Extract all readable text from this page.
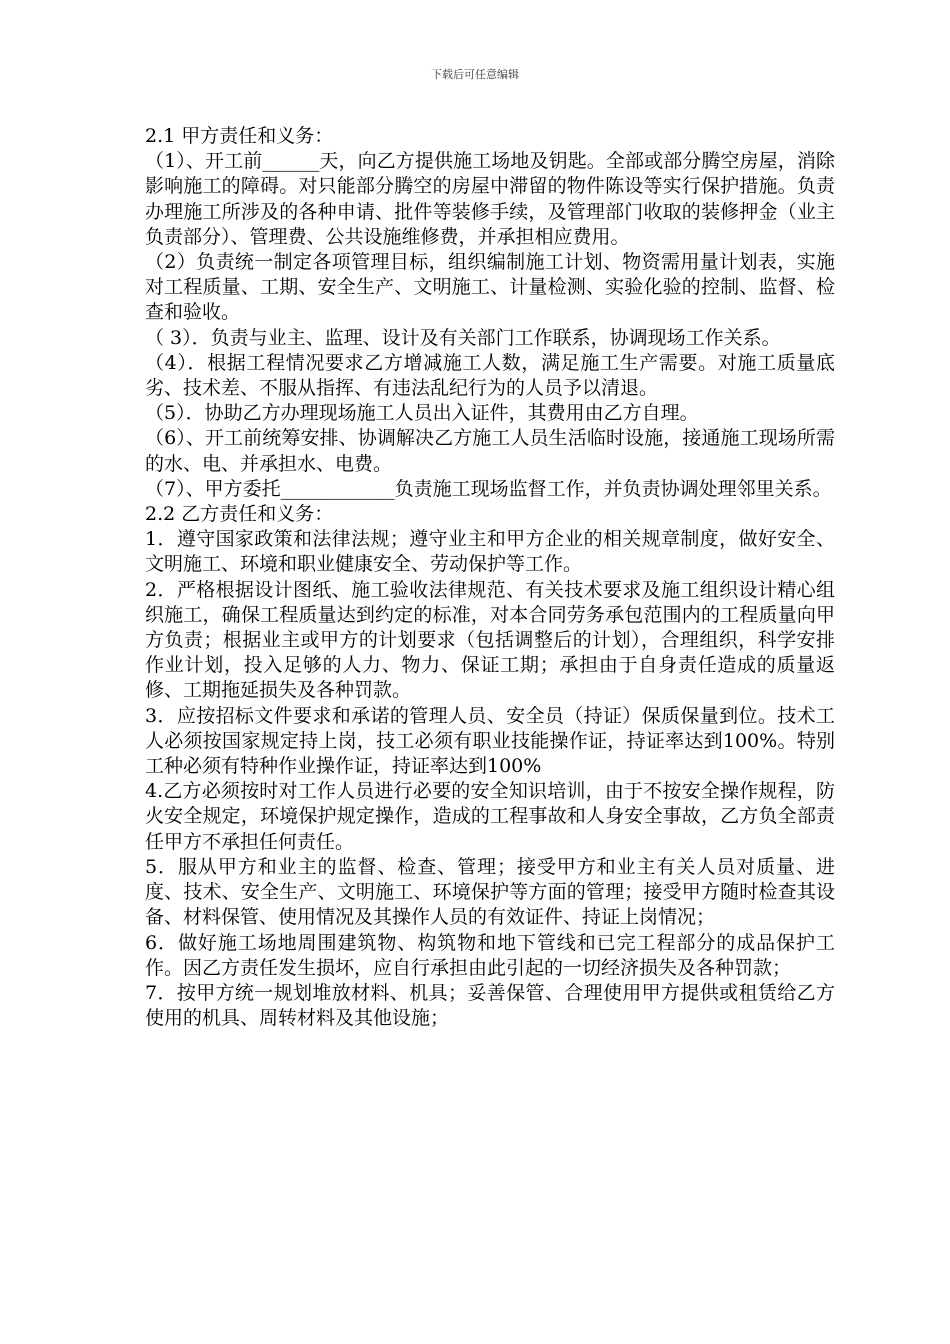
下载后可任意编辑

2.1 甲方责任和义务：

（1）、开工前______天，向乙方提供施工场地及钥匙。全部或部分腾空房屋，消除影响施工的障碍。对只能部分腾空的房屋中滞留的物件陈设等实行保护措施。负责办理施工所涉及的各种申请、批件等装修手续，及管理部门收取的装修押金（业主负责部分）、管理费、公共设施维修费，并承担相应费用。

（2）负责统一制定各项管理目标，组织编制施工计划、物资需用量计划表，实施对工程质量、工期、安全生产、文明施工、计量检测、实验化验的控制、监督、检查和验收。

（ 3）．负责与业主、监理、设计及有关部门工作联系，协调现场工作关系。

（4）．根据工程情况要求乙方增减施工人数，满足施工生产需要。对施工质量底劣、技术差、不服从指挥、有违法乱纪行为的人员予以清退。

（5）．协助乙方办理现场施工人员出入证件，其费用由乙方自理。

（6）、开工前统筹安排、协调解决乙方施工人员生活临时设施，接通施工现场所需的水、电、并承担水、电费。

（7）、甲方委托____________负责施工现场监督工作，并负责协调处理邻里关系。

2.2 乙方责任和义务：

1．遵守国家政策和法律法规；遵守业主和甲方企业的相关规章制度，做好安全、文明施工、环境和职业健康安全、劳动保护等工作。

2．严格根据设计图纸、施工验收法律规范、有关技术要求及施工组织设计精心组织施工，确保工程质量达到约定的标准，对本合同劳务承包范围内的工程质量向甲方负责；根据业主或甲方的计划要求（包括调整后的计划），合理组织，科学安排作业计划，投入足够的人力、物力、保证工期；承担由于自身责任造成的质量返修、工期拖延损失及各种罚款。

3．应按招标文件要求和承诺的管理人员、安全员（持证）保质保量到位。技术工人必须按国家规定持上岗，技工必须有职业技能操作证，持证率达到100%。特别工种必须有特种作业操作证，持证率达到100%

4.乙方必须按时对工作人员进行必要的安全知识培训，由于不按安全操作规程，防火安全规定，环境保护规定操作，造成的工程事故和人身安全事故，乙方负全部责任甲方不承担任何责任。

5．服从甲方和业主的监督、检查、管理；接受甲方和业主有关人员对质量、进度、技术、安全生产、文明施工、环境保护等方面的管理；接受甲方随时检查其设备、材料保管、使用情况及其操作人员的有效证件、持证上岗情况；

6．做好施工场地周围建筑物、构筑物和地下管线和已完工程部分的成品保护工作。因乙方责任发生损坏，应自行承担由此引起的一切经济损失及各种罚款；

7．按甲方统一规划堆放材料、机具；妥善保管、合理使用甲方提供或租赁给乙方使用的机具、周转材料及其他设施；
